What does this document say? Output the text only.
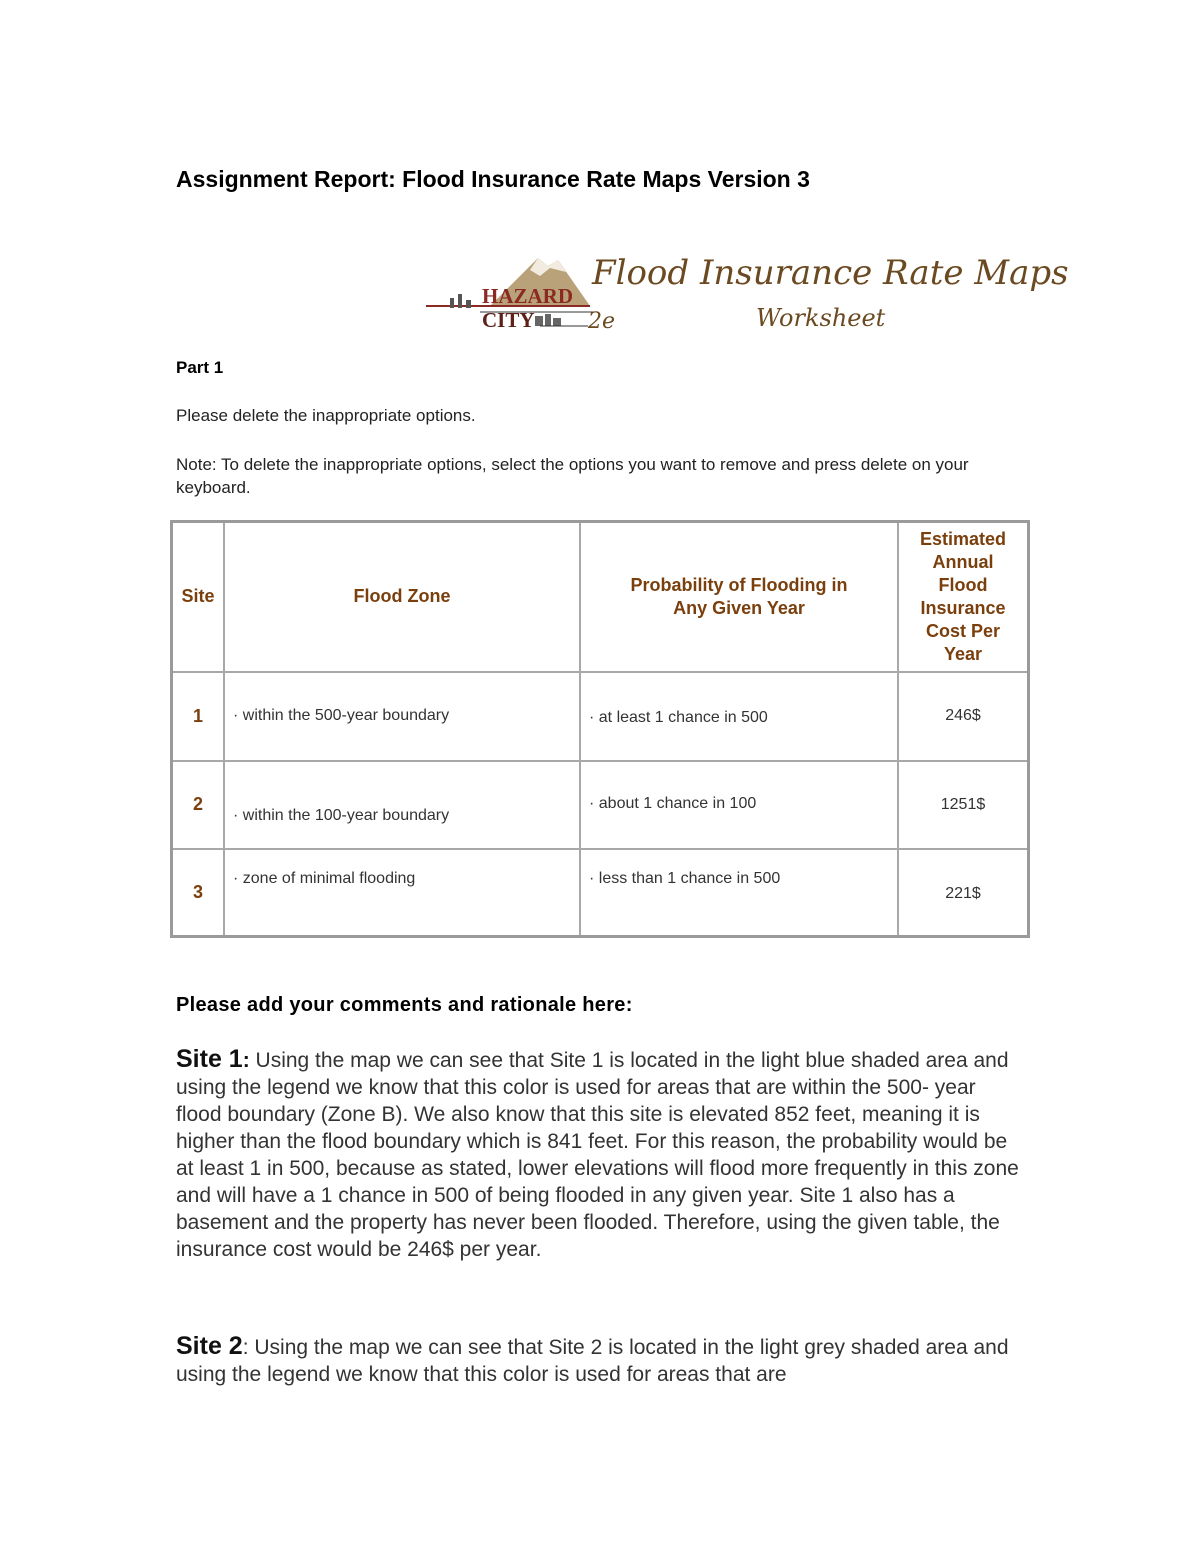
Assignment Report: Flood Insurance Rate Maps Version 3
HAZARD
CITY 2e
Flood Insurance Rate Maps
Worksheet
Part 1
Please delete the inappropriate options.
Note: To delete the inappropriate options, select the options you want to remove and press delete on your keyboard.
Site	Flood Zone	Probability of Flooding in Any Given Year	Estimated Annual Flood Insurance Cost Per Year

1	· within the 500-year boundary	· at least 1 chance in 500	246$

2	· within the 100-year boundary	· about 1 chance in 100	1251$

3	· zone of minimal flooding	· less than 1 chance in 500	221$
Please add your comments and rationale here:
Site 1: Using the map we can see that Site 1 is located in the light blue shaded area and using the legend we know that this color is used for areas that are within the 500- year flood boundary (Zone B). We also know that this site is elevated 852 feet, meaning it is higher than the flood boundary which is 841 feet. For this reason, the probability would be at least 1 in 500, because as stated, lower elevations will flood more frequently in this zone and will have a 1 chance in 500 of being flooded in any given year. Site 1 also has a basement and the property has never been flooded. Therefore, using the given table, the insurance cost would be 246$ per year.
Site 2: Using the map we can see that Site 2 is located in the light grey shaded area and using the legend we know that this color is used for areas that are
